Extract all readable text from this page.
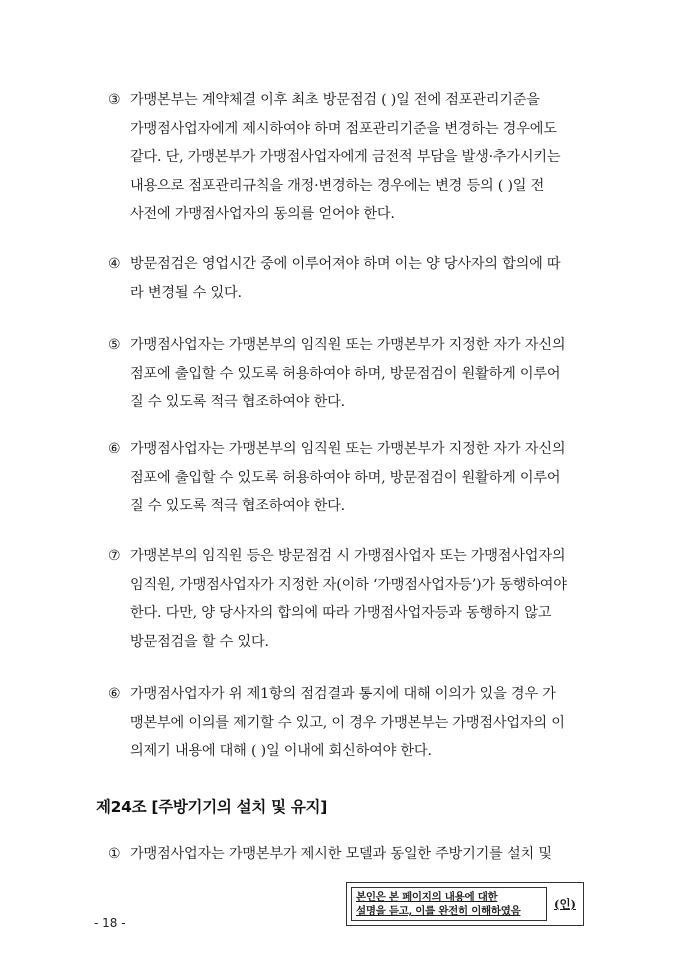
③ 가맹본부는 계약체결 이후 최초 방문점검 ( )일 전에 점포관리기준을
가맹점사업자에게 제시하여야 하며 점포관리기준을 변경하는 경우에도
같다. 단, 가맹본부가 가맹점사업자에게 금전적 부담을 발생·추가시키는
내용으로 점포관리규칙을 개정·변경하는 경우에는 변경 등의 ( )일 전
사전에 가맹점사업자의 동의를 얻어야 한다.
④ 방문점검은 영업시간 중에 이루어져야 하며 이는 양 당사자의 합의에 따
라 변경될 수 있다.
⑤ 가맹점사업자는 가맹본부의 임직원 또는 가맹본부가 지정한 자가 자신의
점포에 출입할 수 있도록 허용하여야 하며, 방문점검이 원활하게 이루어
질 수 있도록 적극 협조하여야 한다.
⑥ 가맹점사업자는 가맹본부의 임직원 또는 가맹본부가 지정한 자가 자신의
점포에 출입할 수 있도록 허용하여야 하며, 방문점검이 원활하게 이루어
질 수 있도록 적극 협조하여야 한다.
⑦ 가맹본부의 임직원 등은 방문점검 시 가맹점사업자 또는 가맹점사업자의
임직원, 가맹점사업자가 지정한 자(이하 ‘가맹점사업자등’)가 동행하여야
한다. 다만, 양 당사자의 합의에 따라 가맹점사업자등과 동행하지 않고
방문점검을 할 수 있다.
⑥ 가맹점사업자가 위 제1항의 점검결과 통지에 대해 이의가 있을 경우 가
맹본부에 이의를 제기할 수 있고, 이 경우 가맹본부는 가맹점사업자의 이
의제기 내용에 대해 ( )일 이내에 회신하여야 한다.
제24조 [주방기기의 설치 및 유지]
① 가맹점사업자는 가맹본부가 제시한 모델과 동일한 주방기기를 설치 및
본인은 본 페이지의 내용에 대한
설명을 듣고, 이를 완전히 이해하였음	(인)
- 18 -
